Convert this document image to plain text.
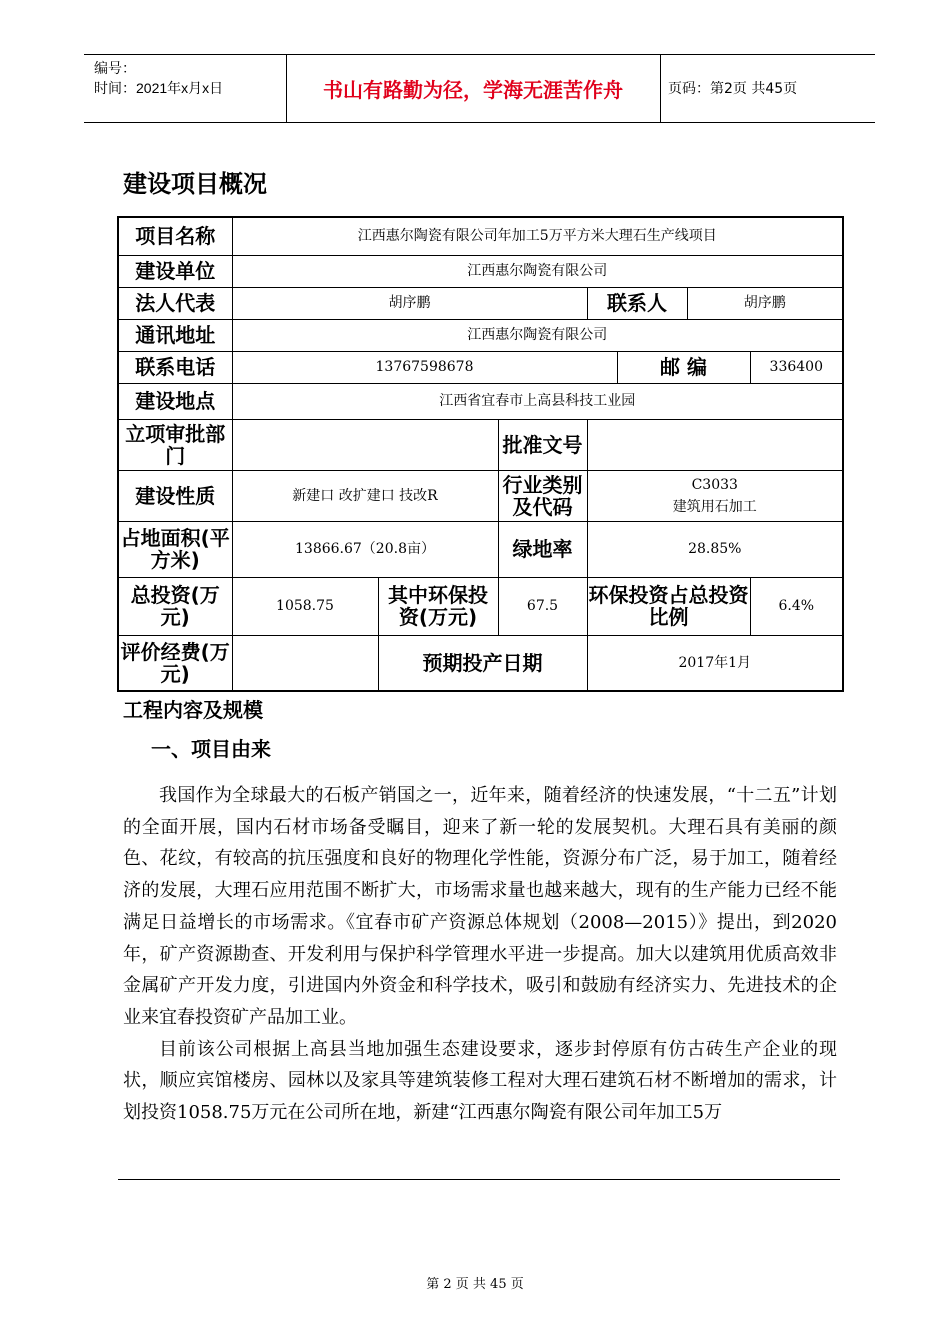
编号：
时间：2021年x月x日	书山有路勤为径，学海无涯苦作舟	页码：第2页 共45页
建设项目概况
项目名称	江西惠尔陶瓷有限公司年加工5万平方米大理石生产线项目						
建设单位	江西惠尔陶瓷有限公司						
法人代表	胡序鹏			联系人		胡序鹏	
通讯地址	江西惠尔陶瓷有限公司						
联系电话	13767598678				邮 编		336400
建设地点	江西省宜春市上高县科技工业园						
立项审批部门			批准文号				
建设性质	新建口 改扩建口 技改R		行业类别及代码	C3033
建筑用石加工			

占地面积(平方米)	13866.67（20.8亩）		绿地率	28.85%			
总投资(万元)	1058.75	其中环保投资(万元)	67.5	环保投资占总投资比例			6.4%
评价经费(万元)		预期投产日期		2017年1月			
工程内容及规模
一、项目由来

我国作为全球最大的石板产销国之一，近年来，随着经济的快速发展，“十二五”计划的全面开展，国内石材市场备受瞩目，迎来了新一轮的发展契机。大理石具有美丽的颜色、花纹，有较高的抗压强度和良好的物理化学性能，资源分布广泛，易于加工，随着经济的发展，大理石应用范围不断扩大，市场需求量也越来越大，现有的生产能力已经不能满足日益增长的市场需求。《宜春市矿产资源总体规划（2008—2015）》提出，到2020年，矿产资源勘查、开发利用与保护科学管理水平进一步提高。加大以建筑用优质高效非金属矿产开发力度，引进国内外资金和科学技术，吸引和鼓励有经济实力、先进技术的企业来宜春投资矿产品加工业。

目前该公司根据上高县当地加强生态建设要求，逐步封停原有仿古砖生产企业的现状，顺应宾馆楼房、园林以及家具等建筑装修工程对大理石建筑石材不断增加的需求，计划投资1058.75万元在公司所在地，新建“江西惠尔陶瓷有限公司年加工5万

第 2 页 共 45 页
